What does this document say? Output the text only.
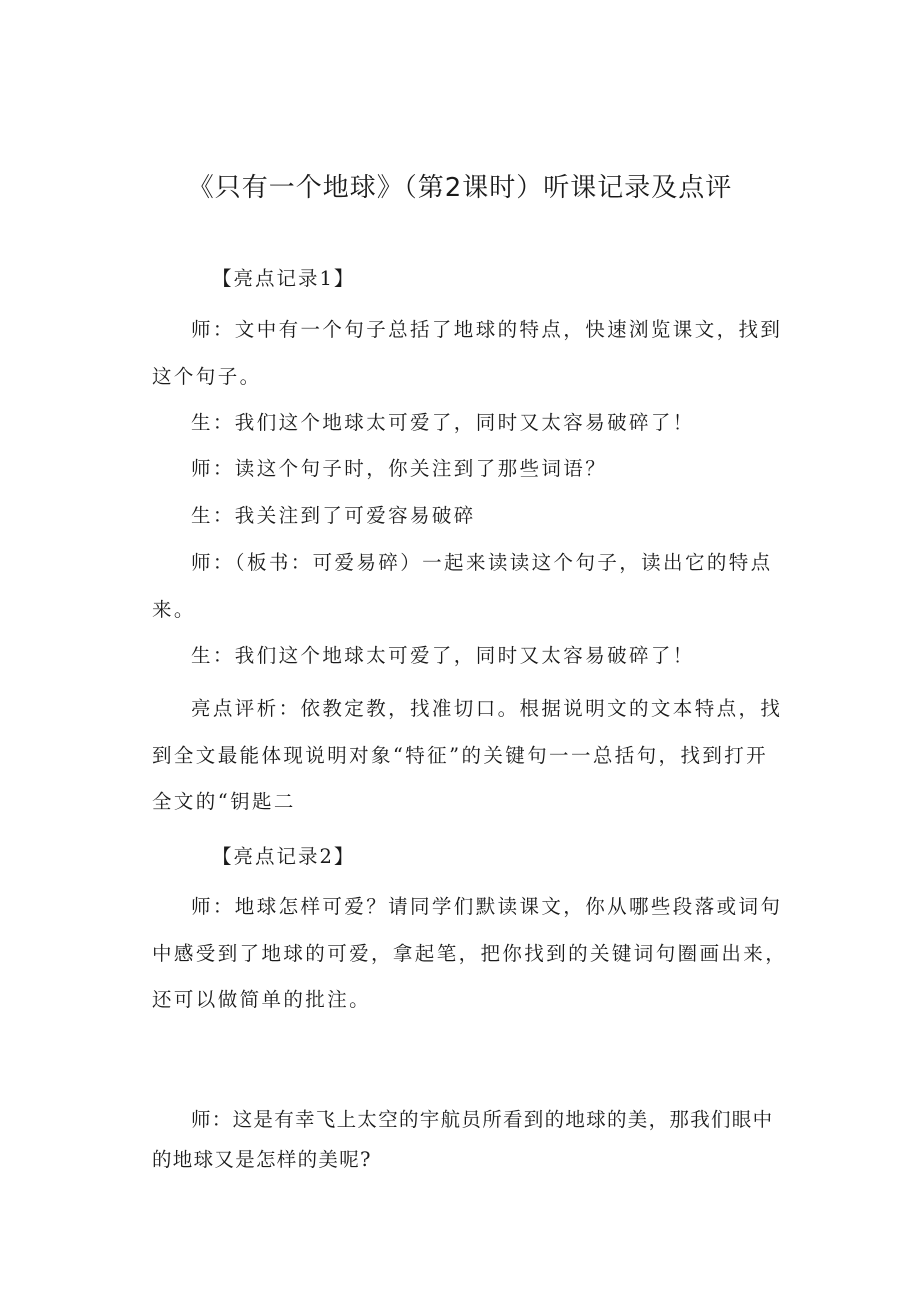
《只有一个地球》（第2课时）听课记录及点评

【亮点记录1】

师：文中有一个句子总括了地球的特点，快速浏览课文，找到这个句子。

生：我们这个地球太可爱了，同时又太容易破碎了！

师：读这个句子时，你关注到了那些词语？

生：我关注到了可爱容易破碎

师：（板书：可爱易碎）一起来读读这个句子，读出它的特点来。

生：我们这个地球太可爱了，同时又太容易破碎了！

亮点评析：依教定教，找准切口。根据说明文的文本特点，找到全文最能体现说明对象“特征”的关键句一一总括句，找到打开全文的“钥匙二

【亮点记录2】

师：地球怎样可爱？请同学们默读课文，你从哪些段落或词句中感受到了地球的可爱，拿起笔，把你找到的关键词句圈画出来，还可以做简单的批注。

师：这是有幸飞上太空的宇航员所看到的地球的美，那我们眼中的地球又是怎样的美呢?
